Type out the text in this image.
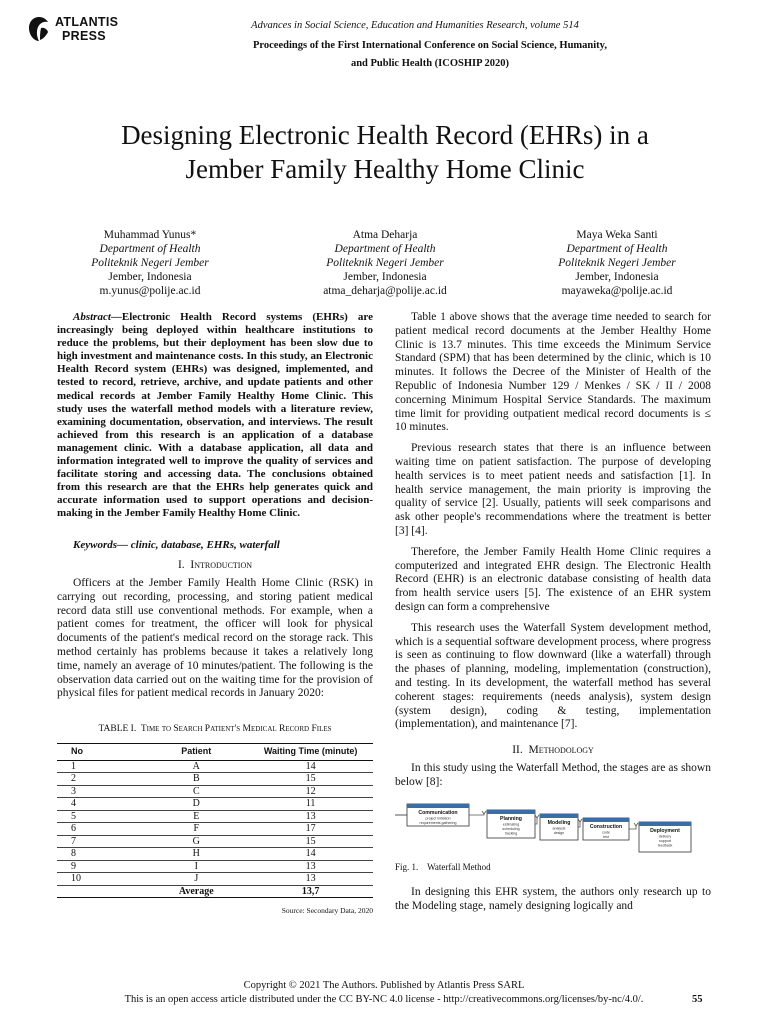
ATLANTIS
PRESS
Advances in Social Science, Education and Humanities Research, volume 514
Proceedings of the First International Conference on Social Science, Humanity,
and Public Health (ICOSHIP 2020)
Designing Electronic Health Record (EHRs) in a
Jember Family Healthy Home Clinic
Muhammad Yunus*
Department of Health
Politeknik Negeri Jember
Jember, Indonesia
m.yunus@polije.ac.id
Atma Deharja
Department of Health
Politeknik Negeri Jember
Jember, Indonesia
atma_deharja@polije.ac.id
Maya Weka Santi
Department of Health
Politeknik Negeri Jember
Jember, Indonesia
mayaweka@polije.ac.id

Abstract—Electronic Health Record systems (EHRs) are increasingly being deployed within healthcare institutions to reduce the problems, but their deployment has been slow due to high investment and maintenance costs. In this study, an Electronic Health Record system (EHRs) was designed, implemented, and tested to record, retrieve, archive, and update patients and other medical records at Jember Family Healthy Home Clinic. This study uses the waterfall method models with a literature review, examining documentation, observation, and interviews. The result achieved from this research is an application of a database management clinic. With a database application, all data and information integrated well to improve the quality of services and facilitate storing and accessing data. The conclusions obtained from this research are that the EHRs help generates quick and accurate information used to support operations and decision-making in the Jember Family Healthy Home Clinic.

Keywords— clinic, database, EHRs, waterfall
I. Introduction

Officers at the Jember Family Health Home Clinic (RSK) in carrying out recording, processing, and storing patient medical record data still use conventional methods. For example, when a patient comes for treatment, the officer will look for physical documents of the patient's medical record on the storage rack. This method certainly has problems because it takes a relatively long time, namely an average of 10 minutes/patient. The following is the observation data carried out on the waiting time for the provision of physical files for patient medical records in January 2020:

TABLE I. Time to Search Patient's Medical Record Files
No	Patient	Waiting Time (minute)
1	A	14
2	B	15
3	C	12
4	D	11
5	E	13
6	F	17
7	G	15
8	H	14
9	I	13
10	J	13
	Average	13,7
Source: Secondary Data, 2020

Table 1 above shows that the average time needed to search for patient medical record documents at the Jember Healthy Home Clinic is 13.7 minutes. This time exceeds the Minimum Service Standard (SPM) that has been determined by the clinic, which is 10 minutes. It follows the Decree of the Minister of Health of the Republic of Indonesia Number 129 / Menkes / SK / II / 2008 concerning Minimum Hospital Service Standards. The maximum time limit for providing outpatient medical record documents is ≤ 10 minutes.

Previous research states that there is an influence between waiting time on patient satisfaction. The purpose of developing health services is to meet patient needs and satisfaction [1]. In health service management, the main priority is improving the quality of service [2]. Usually, patients will seek comparisons and ask other people's recommendations where the treatment is better [3] [4].

Therefore, the Jember Family Health Home Clinic requires a computerized and integrated EHR design. The Electronic Health Record (EHR) is an electronic database consisting of health data from health service users [5]. The existence of an EHR system design can form a comprehensive

This research uses the Waterfall System development method, which is a sequential software development process, where progress is seen as continuing to flow downward (like a waterfall) through the phases of planning, modeling, implementation (construction), and testing. In its development, the waterfall method has several coherent stages: requirements (needs analysis), system design (system design), coding & testing, implementation (implementation), and maintenance [7].

II. Methodology

In this study using the Waterfall Method, the stages are as shown below [8]:

Communication
project initiation
requirements gathering
Planning
estimating
scheduling
tracking
Modeling
analysis
design
Construction
code
test
Deployment
delivery
support
feedback
Fig. 1. Waterfall Method

In designing this EHR system, the authors only research up to the Modeling stage, namely designing logically and

Copyright © 2021 The Authors. Published by Atlantis Press SARL
This is an open access article distributed under the CC BY-NC 4.0 license - http://creativecommons.org/licenses/by-nc/4.0/.	55
